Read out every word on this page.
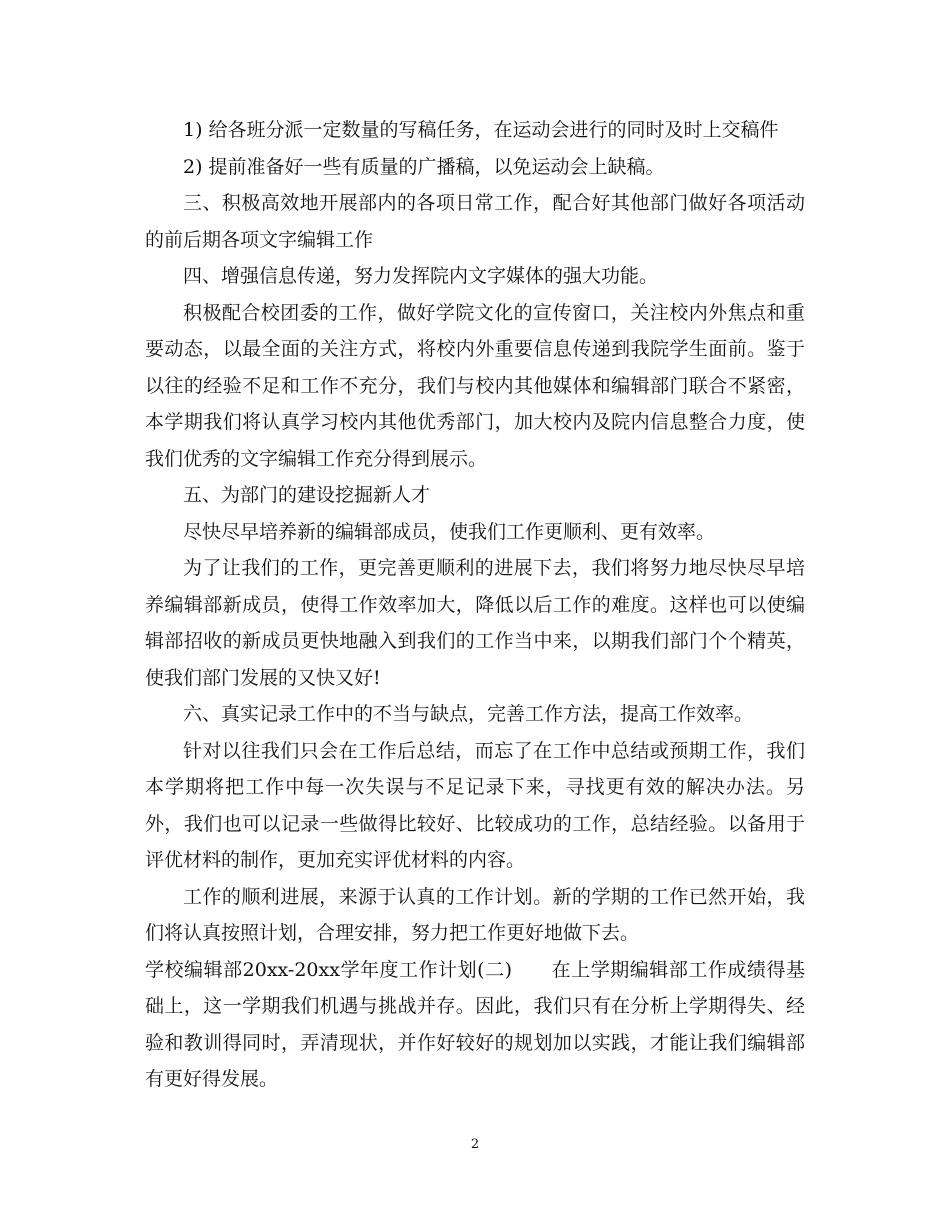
1) 给各班分派一定数量的写稿任务，在运动会进行的同时及时上交稿件

2) 提前准备好一些有质量的广播稿，以免运动会上缺稿。

三、积极高效地开展部内的各项日常工作，配合好其他部门做好各项活动的前后期各项文字编辑工作

四、增强信息传递，努力发挥院内文字媒体的强大功能。

积极配合校团委的工作，做好学院文化的宣传窗口，关注校内外焦点和重要动态，以最全面的关注方式，将校内外重要信息传递到我院学生面前。鉴于以往的经验不足和工作不充分，我们与校内其他媒体和编辑部门联合不紧密，本学期我们将认真学习校内其他优秀部门，加大校内及院内信息整合力度，使我们优秀的文字编辑工作充分得到展示。

五、为部门的建设挖掘新人才

尽快尽早培养新的编辑部成员，使我们工作更顺利、更有效率。

为了让我们的工作，更完善更顺利的进展下去，我们将努力地尽快尽早培养编辑部新成员，使得工作效率加大，降低以后工作的难度。这样也可以使编辑部招收的新成员更快地融入到我们的工作当中来，以期我们部门个个精英，使我们部门发展的又快又好!

六、真实记录工作中的不当与缺点，完善工作方法，提高工作效率。

针对以往我们只会在工作后总结，而忘了在工作中总结或预期工作，我们本学期将把工作中每一次失误与不足记录下来，寻找更有效的解决办法。另外，我们也可以记录一些做得比较好、比较成功的工作，总结经验。以备用于评优材料的制作，更加充实评优材料的内容。

工作的顺利进展，来源于认真的工作计划。新的学期的工作已然开始，我们将认真按照计划，合理安排，努力把工作更好地做下去。

学校编辑部20xx-20xx学年度工作计划(二)　　在上学期编辑部工作成绩得基础上，这一学期我们机遇与挑战并存。因此，我们只有在分析上学期得失、经验和教训得同时，弄清现状，并作好较好的规划加以实践，才能让我们编辑部有更好得发展。

2
